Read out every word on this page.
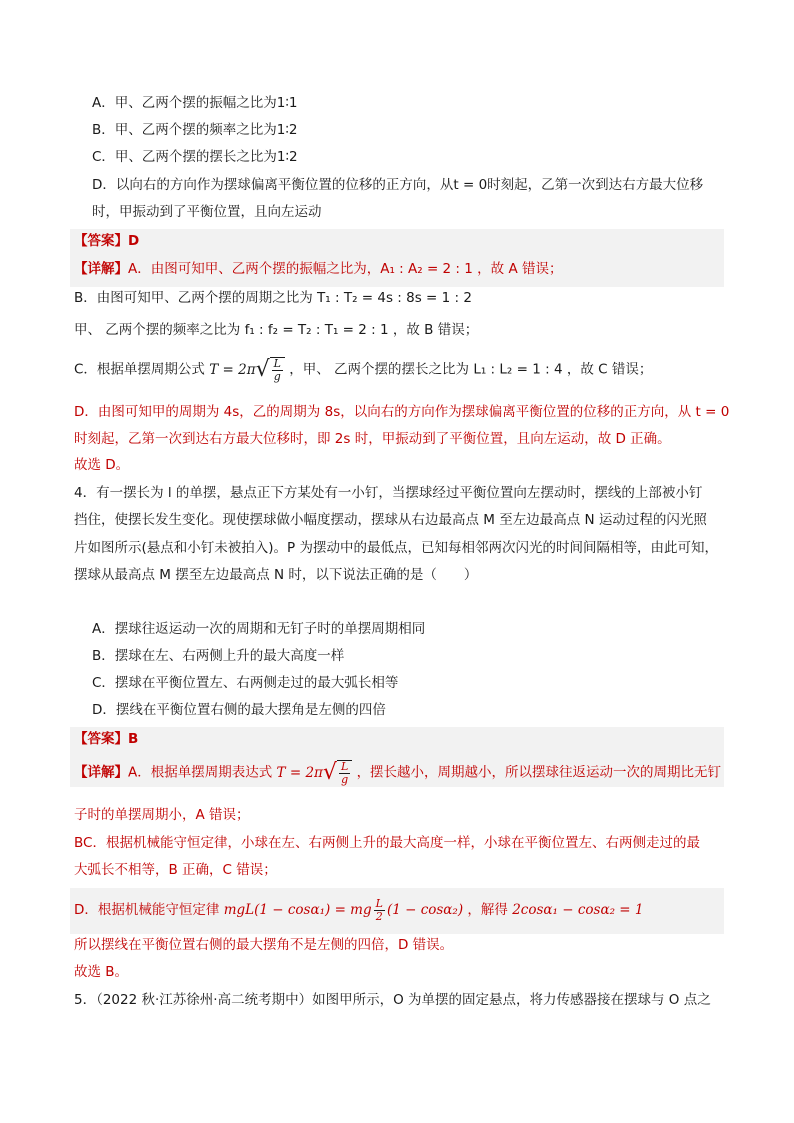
A．甲、乙两个摆的振幅之比为1∶1
B．甲、乙两个摆的频率之比为1∶2
C．甲、乙两个摆的摆长之比为1∶2
D．以向右的方向作为摆球偏离平衡位置的位移的正方向，从t = 0时刻起，乙第一次到达右方最大位移
时，甲振动到了平衡位置，且向左运动
【答案】D
【详解】A．由图可知甲、乙两个摆的振幅之比为，A₁ : A₂ = 2 : 1 ，故 A 错误；
B．由图可知甲、乙两个摆的周期之比为 T₁ : T₂ = 4s : 8s = 1 : 2
甲、 乙两个摆的频率之比为 f₁ : f₂ = T₂ : T₁ = 2 : 1 ，故 B 错误；
C．根据单摆周期公式 T = 2π √ $\frac{L}{g}$ ，甲、 乙两个摆的摆长之比为 L₁ : L₂ = 1 : 4 ，故 C 错误；
D．由图可知甲的周期为 4s，乙的周期为 8s，以向右的方向作为摆球偏离平衡位置的位移的正方向，从 t = 0
时刻起，乙第一次到达右方最大位移时，即 2s 时，甲振动到了平衡位置，且向左运动，故 D 正确。
故选 D。
4．有一摆长为 l 的单摆，悬点正下方某处有一小钉，当摆球经过平衡位置向左摆动时，摆线的上部被小钉
挡住，使摆长发生变化。现使摆球做小幅度摆动，摆球从右边最高点 M 至左边最高点 N 运动过程的闪光照
片如图所示(悬点和小钉未被拍入)。P 为摆动中的最低点，已知每相邻两次闪光的时间间隔相等，由此可知，
摆球从最高点 M 摆至左边最高点 N 时，以下说法正确的是（　　）
A．摆球往返运动一次的周期和无钉子时的单摆周期相同
B．摆球在左、右两侧上升的最大高度一样
C．摆球在平衡位置左、右两侧走过的最大弧长相等
D．摆线在平衡位置右侧的最大摆角是左侧的四倍
【答案】B
【详解】A．根据单摆周期表达式 T = 2π √ $\frac{L}{g}$ ，摆长越小，周期越小，所以摆球往返运动一次的周期比无钉
子时的单摆周期小，A 错误；
BC．根据机械能守恒定律，小球在左、右两侧上升的最大高度一样，小球在平衡位置左、右两侧走过的最
大弧长不相等，B 正确，C 错误；
D．根据机械能守恒定律 mgL(1 − cosα₁) = mg $\frac{L}{2} (1 - \cos\alpha_2)$ ，解得 2cosα₁ − cosα₂ = 1
所以摆线在平衡位置右侧的最大摆角不是左侧的四倍，D 错误。
故选 B。
5．（2022 秋·江苏徐州·高二统考期中）如图甲所示，O 为单摆的固定悬点，将力传感器接在摆球与 O 点之
